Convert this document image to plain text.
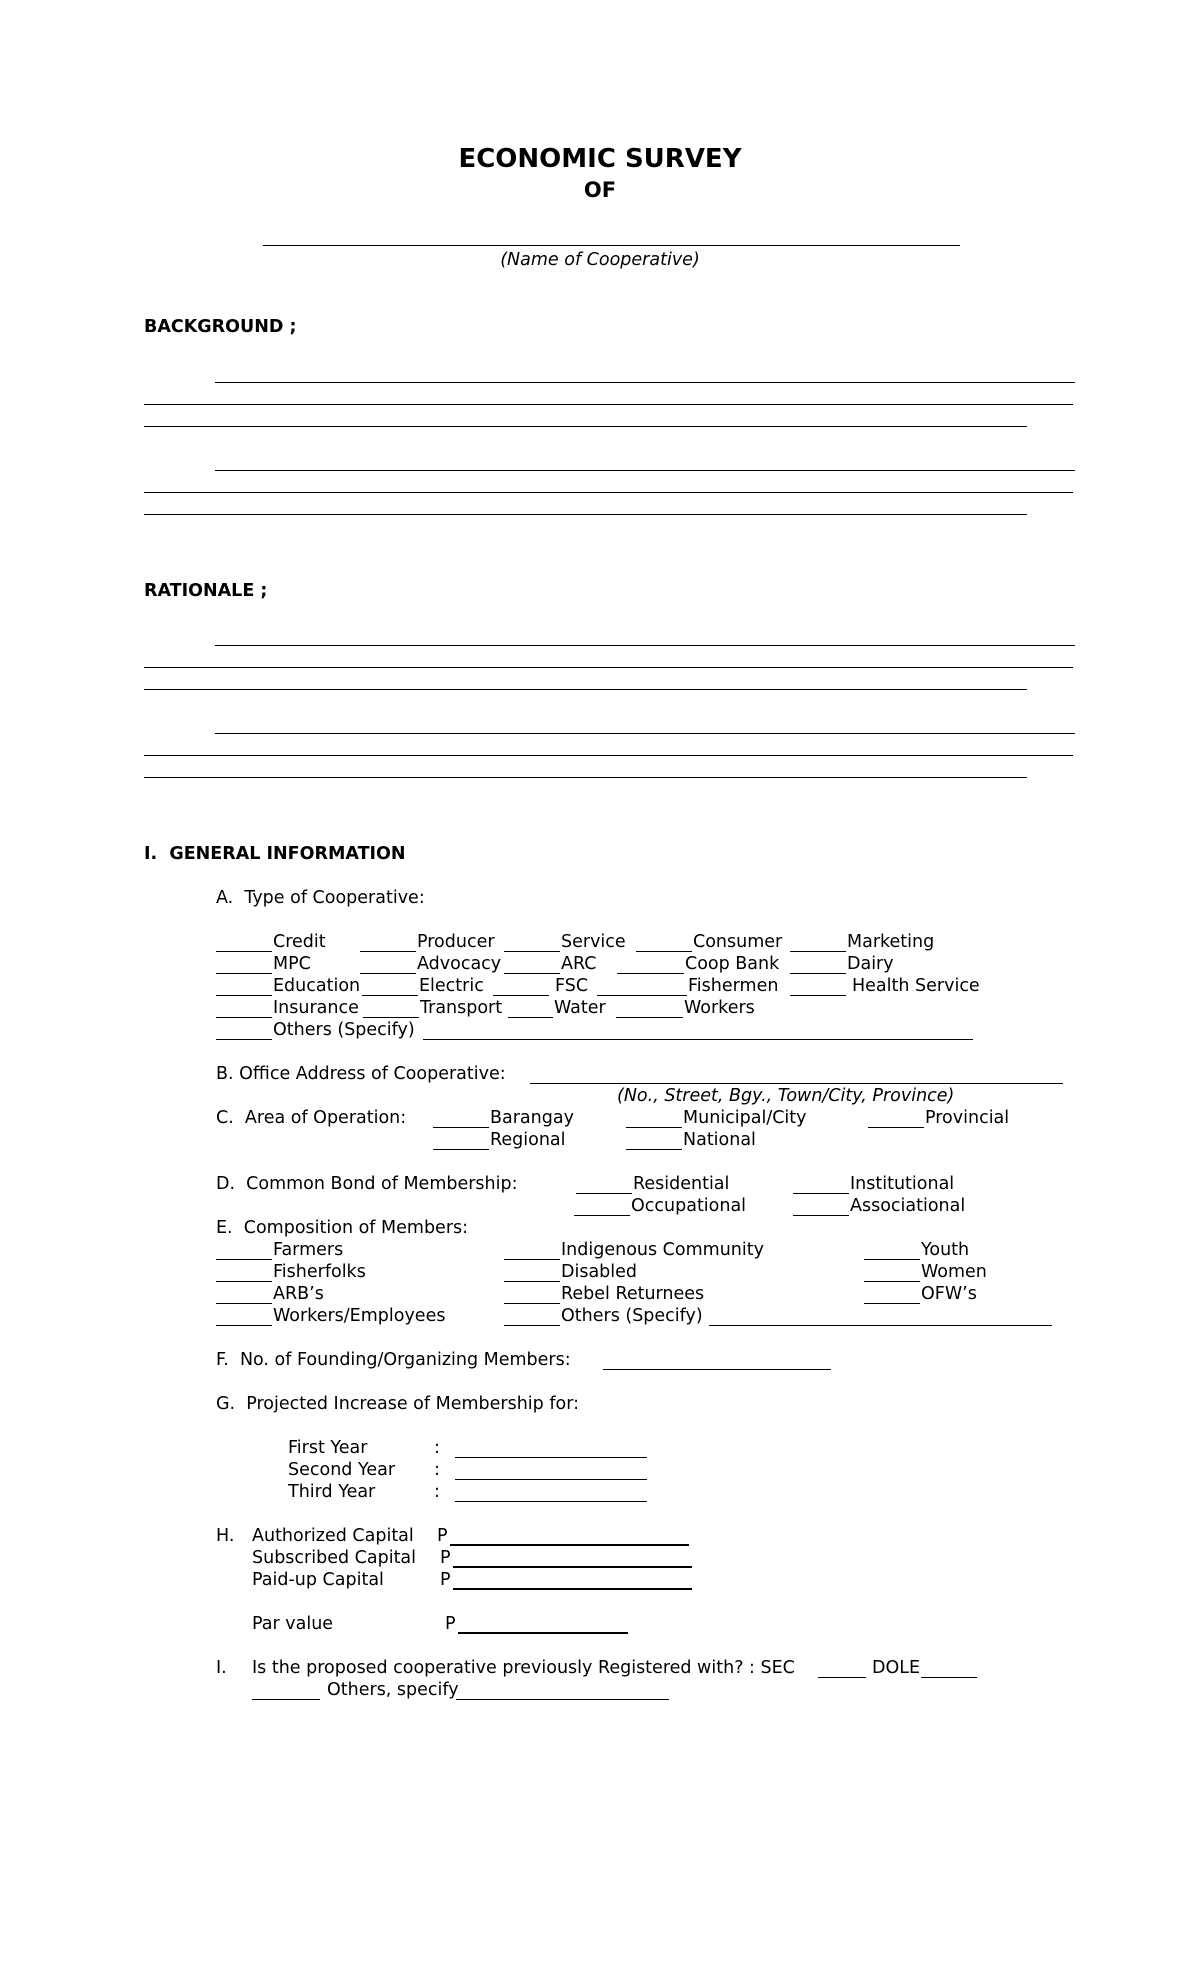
ECONOMIC SURVEY
OF
(Name of Cooperative)
BACKGROUND ;
RATIONALE ;
I.  GENERAL INFORMATION
A.  Type of Cooperative:
Credit	Producer	Service	Consumer	Marketing
MPC	Advocacy	ARC	Coop Bank	Dairy
Education	Electric	FSC	Fishermen	Health Service
Insurance	Transport	Water	Workers
Others (Specify)
B. Office Address of Cooperative:
(No., Street, Bgy., Town/City, Province)
C.  Area of Operation:	Barangay	Municipal/City	Provincial
Regional	National
D.  Common Bond of Membership:	Residential	Institutional
Occupational	Associational
E.  Composition of Members:
Farmers	Indigenous Community	Youth
Fisherfolks	Disabled	Women
ARB’s	Rebel Returnees	OFW’s
Workers/Employees	Others (Specify)
F.  No. of Founding/Organizing Members:
G.  Projected Increase of Membership for:
First Year	:
Second Year :
Third Year	:
H. Authorized Capital P
Subscribed Capital P
Paid-up Capital	P
Par value	P
I. Is the proposed cooperative previously Registered with? : SEC	DOLE
Others, specify
